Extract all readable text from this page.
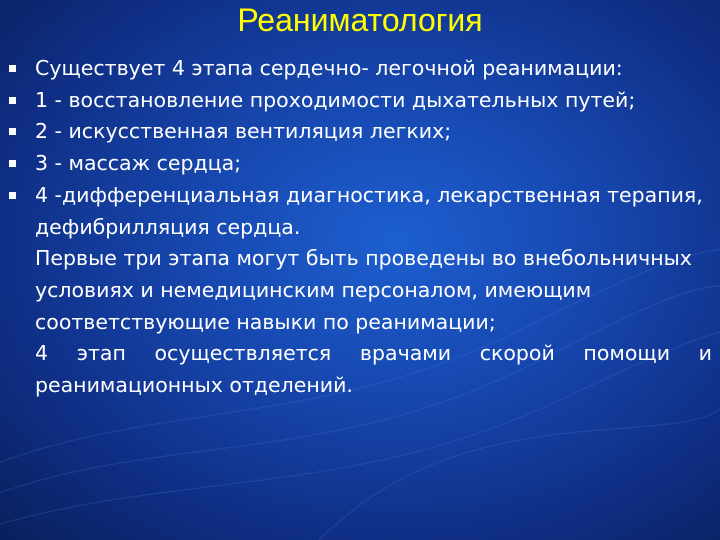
Реаниматология
Существует 4 этапа сердечно- легочной реанимации:
1 - восстановление проходимости дыхательных путей;
2 - искусственная вентиляция легких;
3 - массаж сердца;
4 -дифференциальная диагностика, лекарственная терапия, дефибрилляция сердца.
Первые три этапа могут быть проведены во внебольничных условиях и немедицинским персоналом, имеющим соответствующие навыки по реанимации;
4 этап осуществляется врачами скорой помощи и
реанимационных отделений.
